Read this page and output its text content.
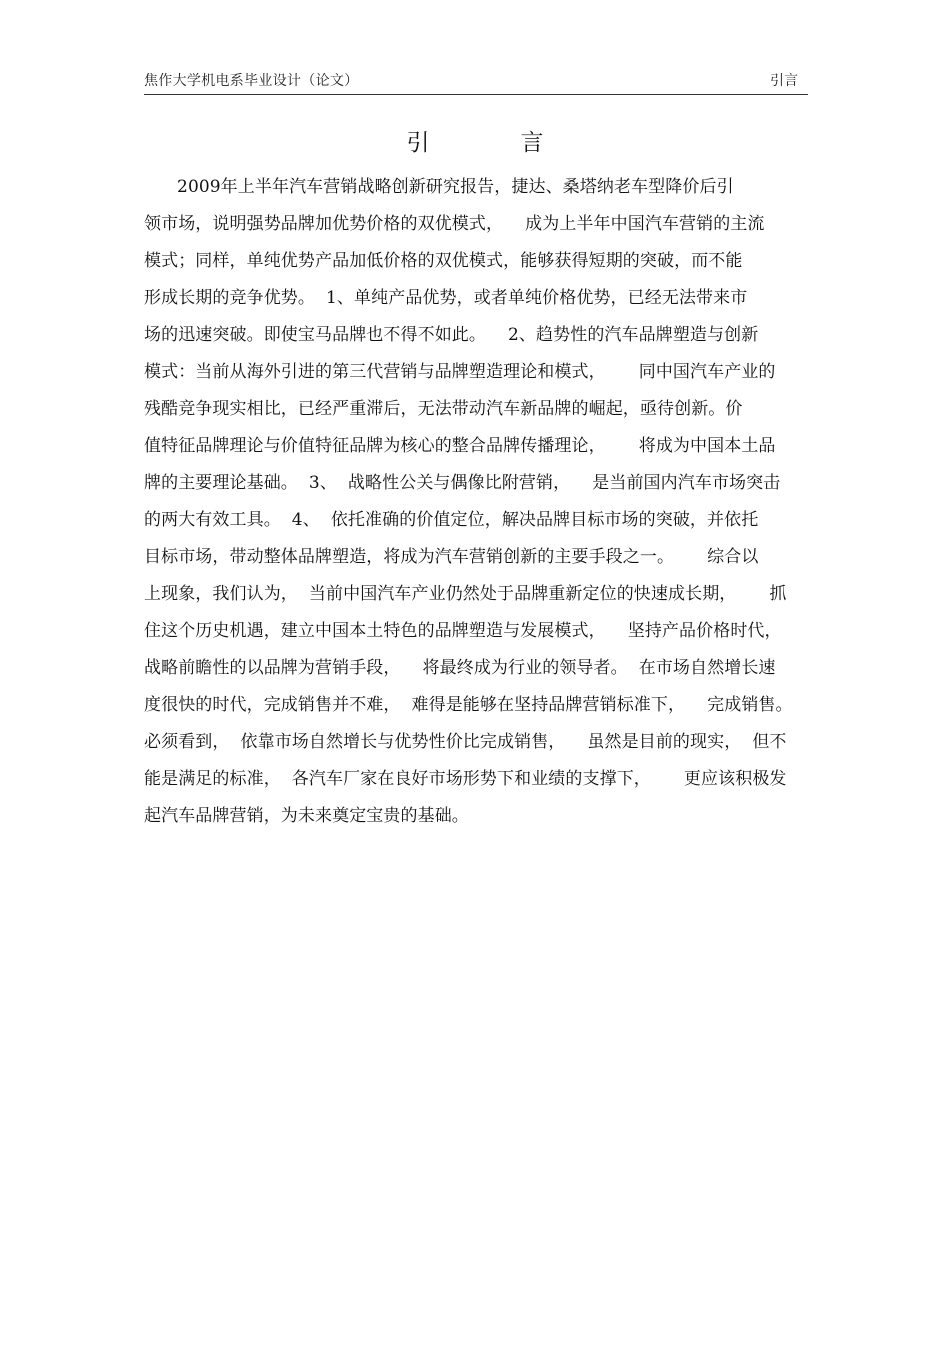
焦作大学机电系毕业设计（论文）	引言
引　言
2009年上半年汽车营销战略创新研究报告，捷达、桑塔纳老车型降价后引
领市场，说明强势品牌加优势价格的双优模式，    成为上半年中国汽车营销的主流
模式；同样，单纯优势产品加低价格的双优模式，能够获得短期的突破，而不能
形成长期的竞争优势。  1、单纯产品优势，或者单纯价格优势，已经无法带来市
场的迅速突破。即使宝马品牌也不得不如此。    2、趋势性的汽车品牌塑造与创新
模式：当前从海外引进的第三代营销与品牌塑造理论和模式，      同中国汽车产业的
残酷竞争现实相比，已经严重滞后，无法带动汽车新品牌的崛起，亟待创新。价
值特征品牌理论与价值特征品牌为核心的整合品牌传播理论，      将成为中国本土品
牌的主要理论基础。  3、  战略性公关与偶像比附营销，    是当前国内汽车市场突击
的两大有效工具。  4、  依托准确的价值定位，解决品牌目标市场的突破，并依托
目标市场，带动整体品牌塑造，将成为汽车营销创新的主要手段之一。      综合以
上现象，我们认为，  当前中国汽车产业仍然处于品牌重新定位的快速成长期，      抓
住这个历史机遇，建立中国本土特色的品牌塑造与发展模式，    坚持产品价格时代，
战略前瞻性的以品牌为营销手段，    将最终成为行业的领导者。  在市场自然增长速
度很快的时代，完成销售并不难，  难得是能够在坚持品牌营销标准下，    完成销售。
必须看到，  依靠市场自然增长与优势性价比完成销售，    虽然是目前的现实，  但不
能是满足的标准，  各汽车厂家在良好市场形势下和业绩的支撑下，      更应该积极发
起汽车品牌营销，为未来奠定宝贵的基础。
